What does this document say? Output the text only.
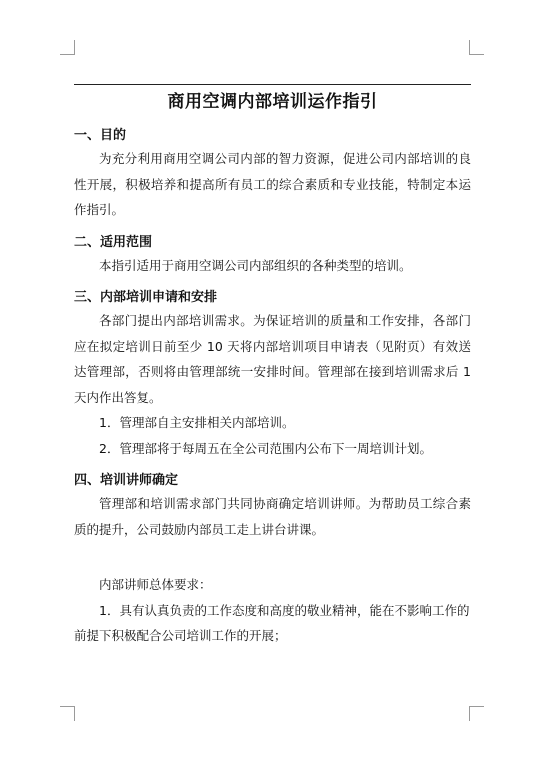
商用空调内部培训运作指引
一、目的
为充分利用商用空调公司内部的智力资源，促进公司内部培训的良性开展，积极培养和提高所有员工的综合素质和专业技能，特制定本运作指引。
二、适用范围
本指引适用于商用空调公司内部组织的各种类型的培训。
三、内部培训申请和安排
各部门提出内部培训需求。为保证培训的质量和工作安排，各部门应在拟定培训日前至少 10 天将内部培训项目申请表（见附页）有效送达管理部，否则将由管理部统一安排时间。管理部在接到培训需求后 1 天内作出答复。
1．管理部自主安排相关内部培训。
2．管理部将于每周五在全公司范围内公布下一周培训计划。
四、培训讲师确定
管理部和培训需求部门共同协商确定培训讲师。为帮助员工综合素质的提升，公司鼓励内部员工走上讲台讲课。
内部讲师总体要求：
1．具有认真负责的工作态度和高度的敬业精神，能在不影响工作的前提下积极配合公司培训工作的开展；
